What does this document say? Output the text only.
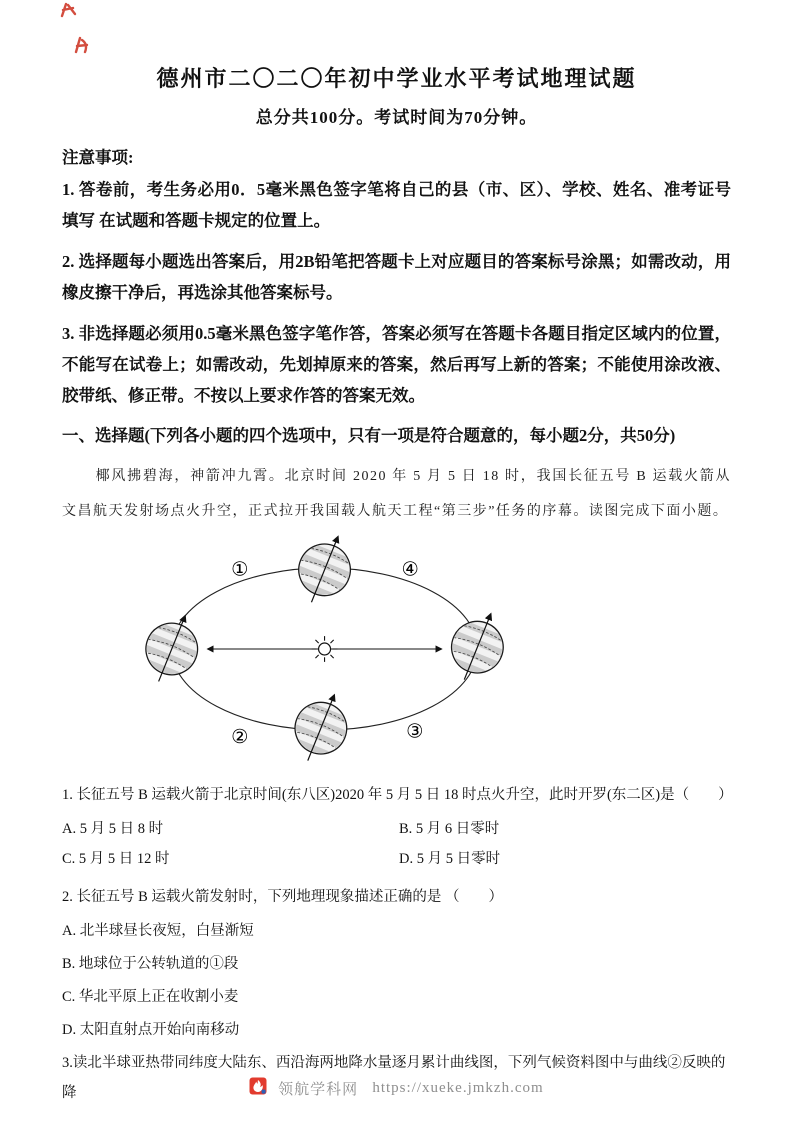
德州市二〇二〇年初中学业水平考试地理试题
总分共100分。考试时间为70分钟。
注意事项:

1. 答卷前，考生务必用0．5毫米黑色签字笔将自己的县（市、区）、学校、姓名、准考证号 填写 在试题和答题卡规定的位置上。

2. 选择题每小题选出答案后，用2B铅笔把答题卡上对应题目的答案标号涂黑；如需改动，用橡皮擦干净后，再选涂其他答案标号。

3. 非选择题必须用0.5毫米黑色签字笔作答，答案必须写在答题卡各题目指定区域内的位置，不能写在试卷上；如需改动，先划掉原来的答案，然后再写上新的答案；不能使用涂改液、胶带纸、修正带。不按以上要求作答的答案无效。

一、选择题(下列各小题的四个选项中，只有一项是符合题意的，每小题2分，共50分)

椰风拂碧海，神箭冲九霄。北京时间 2020 年 5 月 5 日 18 时，我国长征五号 B 运载火箭从文昌航天发射场点火升空，正式拉开我国载人航天工程“第三步”任务的序幕。读图完成下面小题。

①	④
②	③

1. 长征五号 B 运载火箭于北京时间(东八区)2020 年 5 月 5 日 18 时点火升空，此时开罗(东二区)是（　　）

A. 5 月 5 日 8 时	B. 5 月 6 日零时
C. 5 月 5 日 12 时	D. 5 月 5 日零时

2. 长征五号 B 运载火箭发射时，下列地理现象描述正确的是 （　　）

A. 北半球昼长夜短，白昼渐短

B. 地球位于公转轨道的①段

C. 华北平原上正在收割小麦

D. 太阳直射点开始向南移动

3.读北半球亚热带同纬度大陆东、西沿海两地降水量逐月累计曲线图，下列气候资料图中与曲线②反映的降	领航学科网 https://xueke.jmkzh.com
